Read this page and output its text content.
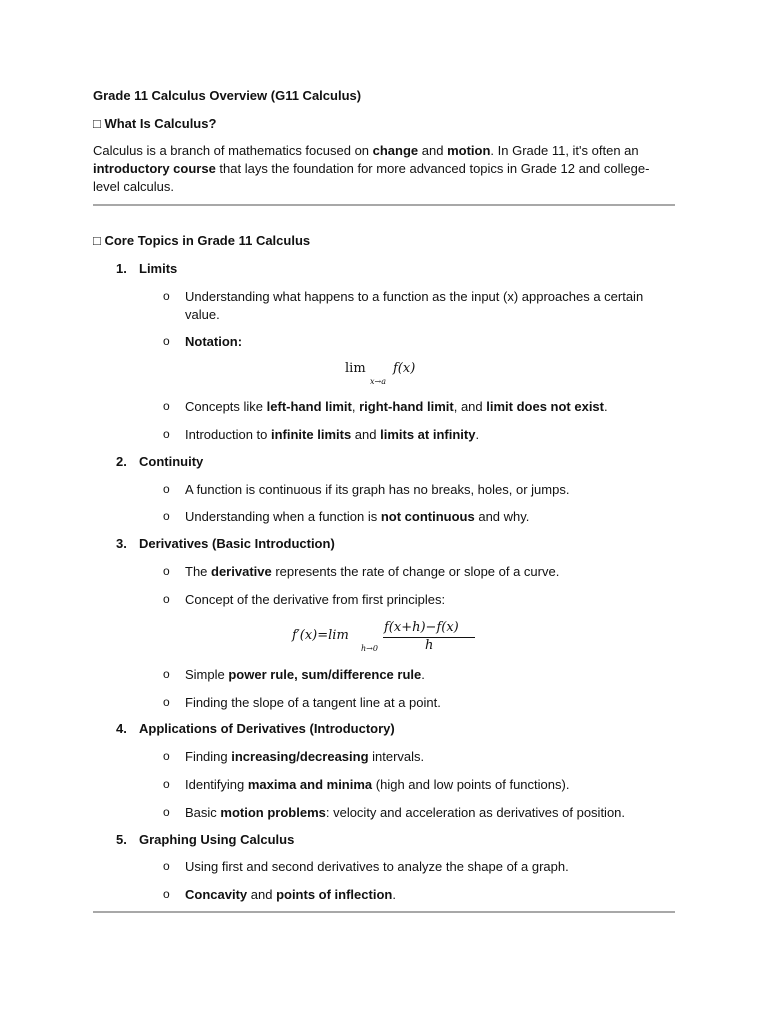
Grade 11 Calculus Overview (G11 Calculus)
□ What Is Calculus?
Calculus is a branch of mathematics focused on change and motion. In Grade 11, it's often an introductory course that lays the foundation for more advanced topics in Grade 12 and college-level calculus.
□ Core Topics in Grade 11 Calculus
1. Limits
o Understanding what happens to a function as the input (x) approaches a certain value.
o Notation:
lim
x→a
f(x)
o Concepts like left-hand limit, right-hand limit, and limit does not exist.
o Introduction to infinite limits and limits at infinity.
2. Continuity
o A function is continuous if its graph has no breaks, holes, or jumps.
o Understanding when a function is not continuous and why.
3. Derivatives (Basic Introduction)
o The derivative represents the rate of change or slope of a curve.
o Concept of the derivative from first principles:
f′(x)=lim
h→0
f(x+h)−f(x)
h
o Simple power rule, sum/difference rule.
o Finding the slope of a tangent line at a point.
4. Applications of Derivatives (Introductory)
o Finding increasing/decreasing intervals.
o Identifying maxima and minima (high and low points of functions).
o Basic motion problems: velocity and acceleration as derivatives of position.
5. Graphing Using Calculus
o Using first and second derivatives to analyze the shape of a graph.
o Concavity and points of inflection.
